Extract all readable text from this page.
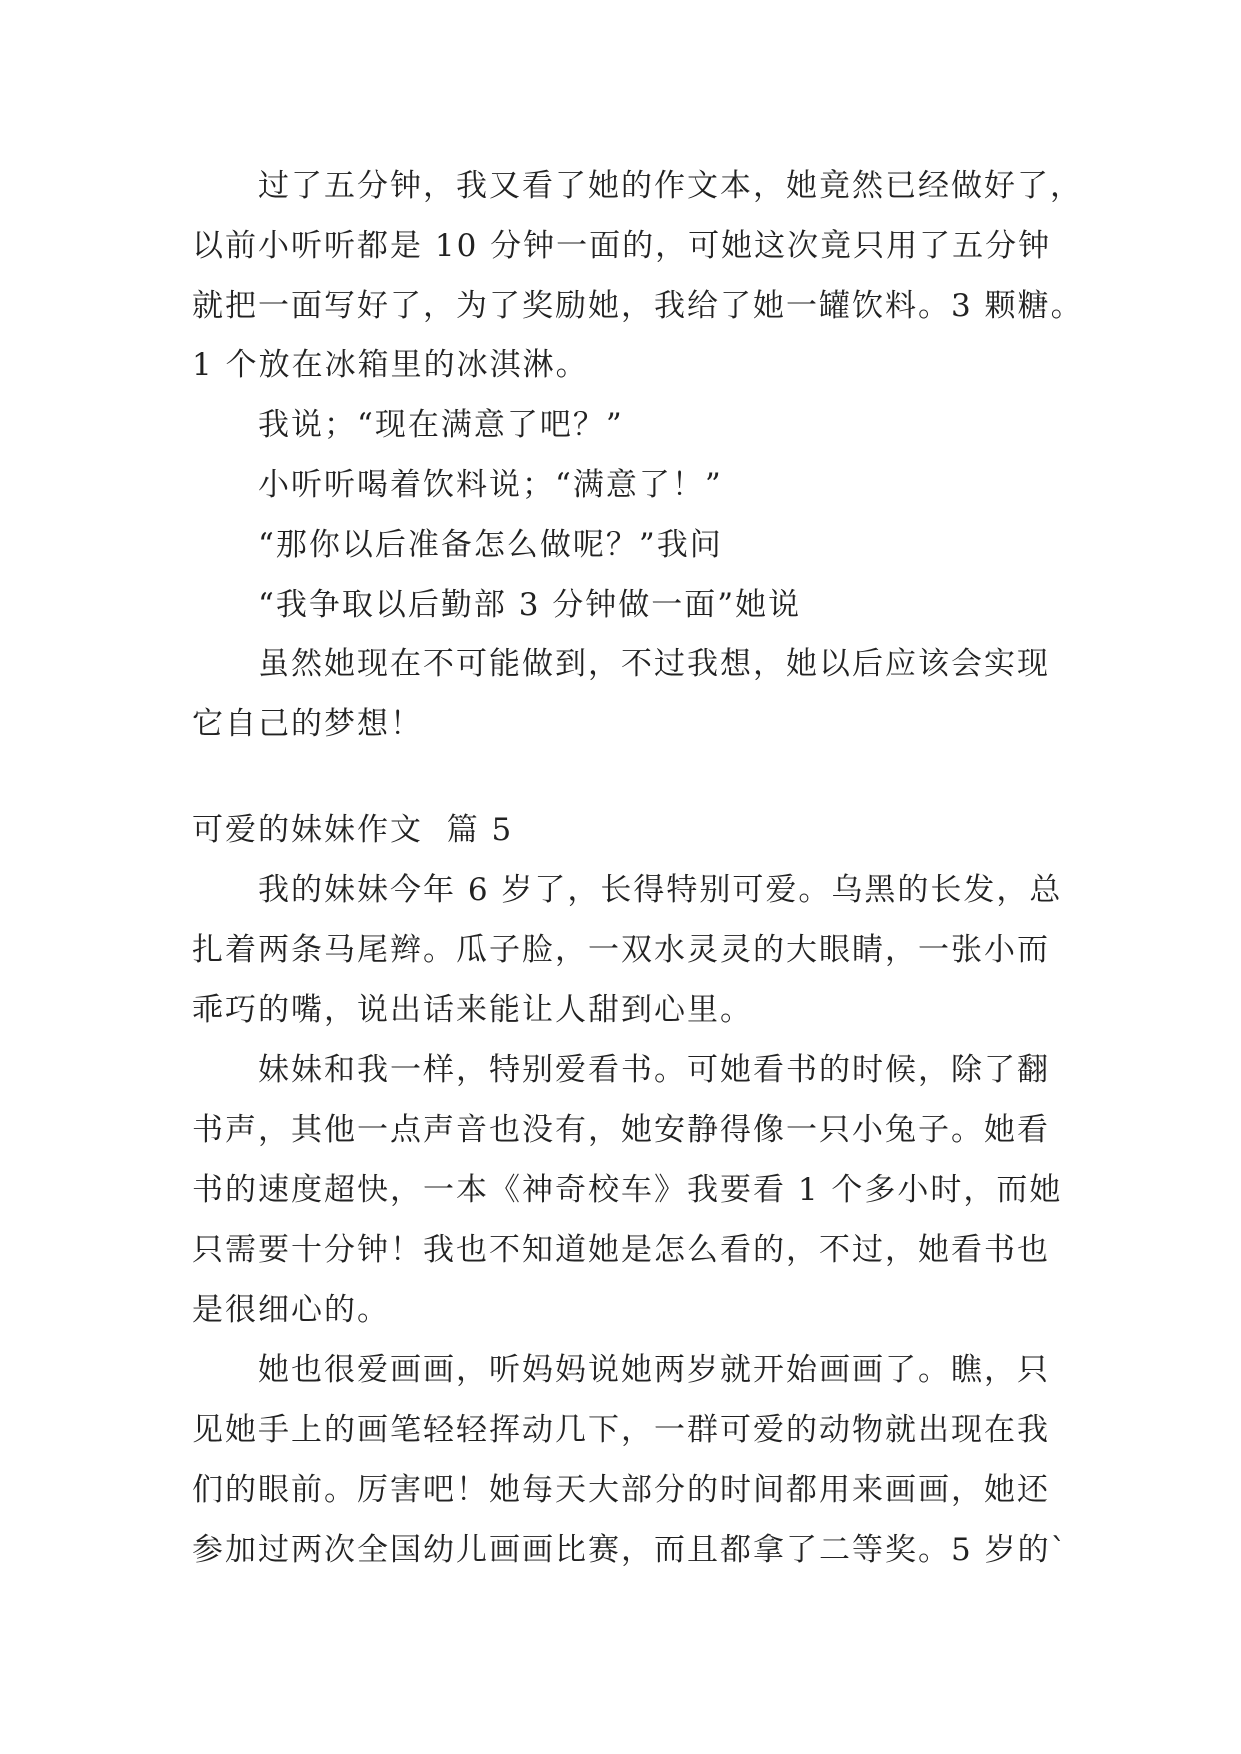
过了五分钟，我又看了她的作文本，她竟然已经做好了，
以前小听听都是 10 分钟一面的，可她这次竟只用了五分钟
就把一面写好了，为了奖励她，我给了她一罐饮料。3 颗糖。
1 个放在冰箱里的冰淇淋。
我说；“现在满意了吧？”
小听听喝着饮料说；“满意了！”
“那你以后准备怎么做呢？”我问
“我争取以后勤部 3 分钟做一面”她说
虽然她现在不可能做到，不过我想，她以后应该会实现
它自己的梦想！
可爱的妹妹作文  篇 5
我的妹妹今年 6 岁了，长得特别可爱。乌黑的长发，总
扎着两条马尾辫。瓜子脸，一双水灵灵的大眼睛，一张小而
乖巧的嘴，说出话来能让人甜到心里。
妹妹和我一样，特别爱看书。可她看书的时候，除了翻
书声，其他一点声音也没有，她安静得像一只小兔子。她看
书的速度超快，一本《神奇校车》我要看 1 个多小时，而她
只需要十分钟！我也不知道她是怎么看的，不过，她看书也
是很细心的。
她也很爱画画，听妈妈说她两岁就开始画画了。瞧，只
见她手上的画笔轻轻挥动几下，一群可爱的动物就出现在我
们的眼前。厉害吧！她每天大部分的时间都用来画画，她还
参加过两次全国幼儿画画比赛，而且都拿了二等奖。5 岁的`
